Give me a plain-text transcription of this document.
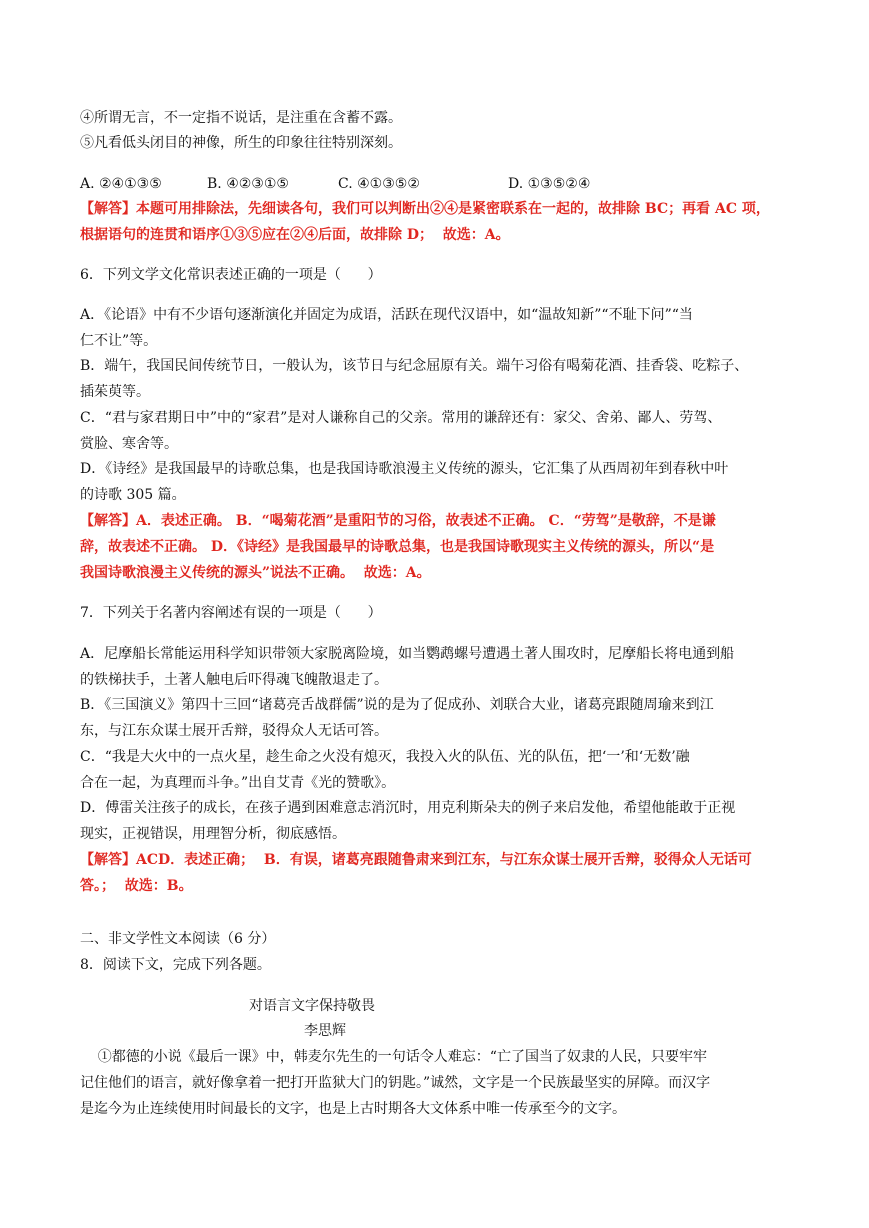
④所谓无言，不一定指不说话，是注重在含蓄不露。
⑤凡看低头闭目的神像，所生的印象往往特别深刻。
A. ②④①③⑤	B. ④②③①⑤	C. ④①③⑤②	D. ①③⑤②④
【解答】本题可用排除法，先细读各句，我们可以判断出②④是紧密联系在一起的，故排除 BC；再看 AC 项，
根据语句的连贯和语序①③⑤应在②④后面，故排除 D；  故选：A。
6．下列文学文化常识表述正确的一项是（      ）
A．《论语》中有不少语句逐渐演化并固定为成语，活跃在现代汉语中，如“温故知新”“不耻下问”“当
仁不让”等。
B．端午，我国民间传统节日，一般认为，该节日与纪念屈原有关。端午习俗有喝菊花酒、挂香袋、吃粽子、
插茱萸等。
C．“君与家君期日中”中的“家君”是对人谦称自己的父亲。常用的谦辞还有：家父、舍弟、鄙人、劳驾、
赏脸、寒舍等。
D．《诗经》是我国最早的诗歌总集，也是我国诗歌浪漫主义传统的源头，它汇集了从西周初年到春秋中叶
的诗歌 305 篇。
【解答】A．表述正确。 B．“喝菊花酒”是重阳节的习俗，故表述不正确。 C．“劳驾”是敬辞，不是谦
辞，故表述不正确。 D．《诗经》是我国最早的诗歌总集，也是我国诗歌现实主义传统的源头，所以“是
我国诗歌浪漫主义传统的源头”说法不正确。  故选：A。
7．下列关于名著内容阐述有误的一项是（      ）
A．尼摩船长常能运用科学知识带领大家脱离险境，如当鹦鹉螺号遭遇土著人围攻时，尼摩船长将电通到船
的铁梯扶手，土著人触电后吓得魂飞魄散退走了。
B．《三国演义》第四十三回“诸葛亮舌战群儒”说的是为了促成孙、刘联合大业，诸葛亮跟随周瑜来到江
东，与江东众谋士展开舌辩，驳得众人无话可答。
C．“我是大火中的一点火星，趁生命之火没有熄灭，我投入火的队伍、光的队伍，把‘一’和‘无数’融
合在一起，为真理而斗争。”出自艾青《光的赞歌》。
D．傅雷关注孩子的成长，在孩子遇到困难意志消沉时，用克利斯朵夫的例子来启发他，希望他能敢于正视
现实，正视错误，用理智分析，彻底感悟。
【解答】ACD．表述正确；  B．有误，诸葛亮跟随鲁肃来到江东，与江东众谋士展开舌辩，驳得众人无话可
答。；  故选：B。
二、非文学性文本阅读（6 分）
8．阅读下文，完成下列各题。
对语言文字保持敬畏
李思辉
①都德的小说《最后一课》中，韩麦尔先生的一句话令人难忘：“亡了国当了奴隶的人民，只要牢牢
记住他们的语言，就好像拿着一把打开监狱大门的钥匙。”诚然，文字是一个民族最坚实的屏障。而汉字
是迄今为止连续使用时间最长的文字，也是上古时期各大文体系中唯一传承至今的文字。
